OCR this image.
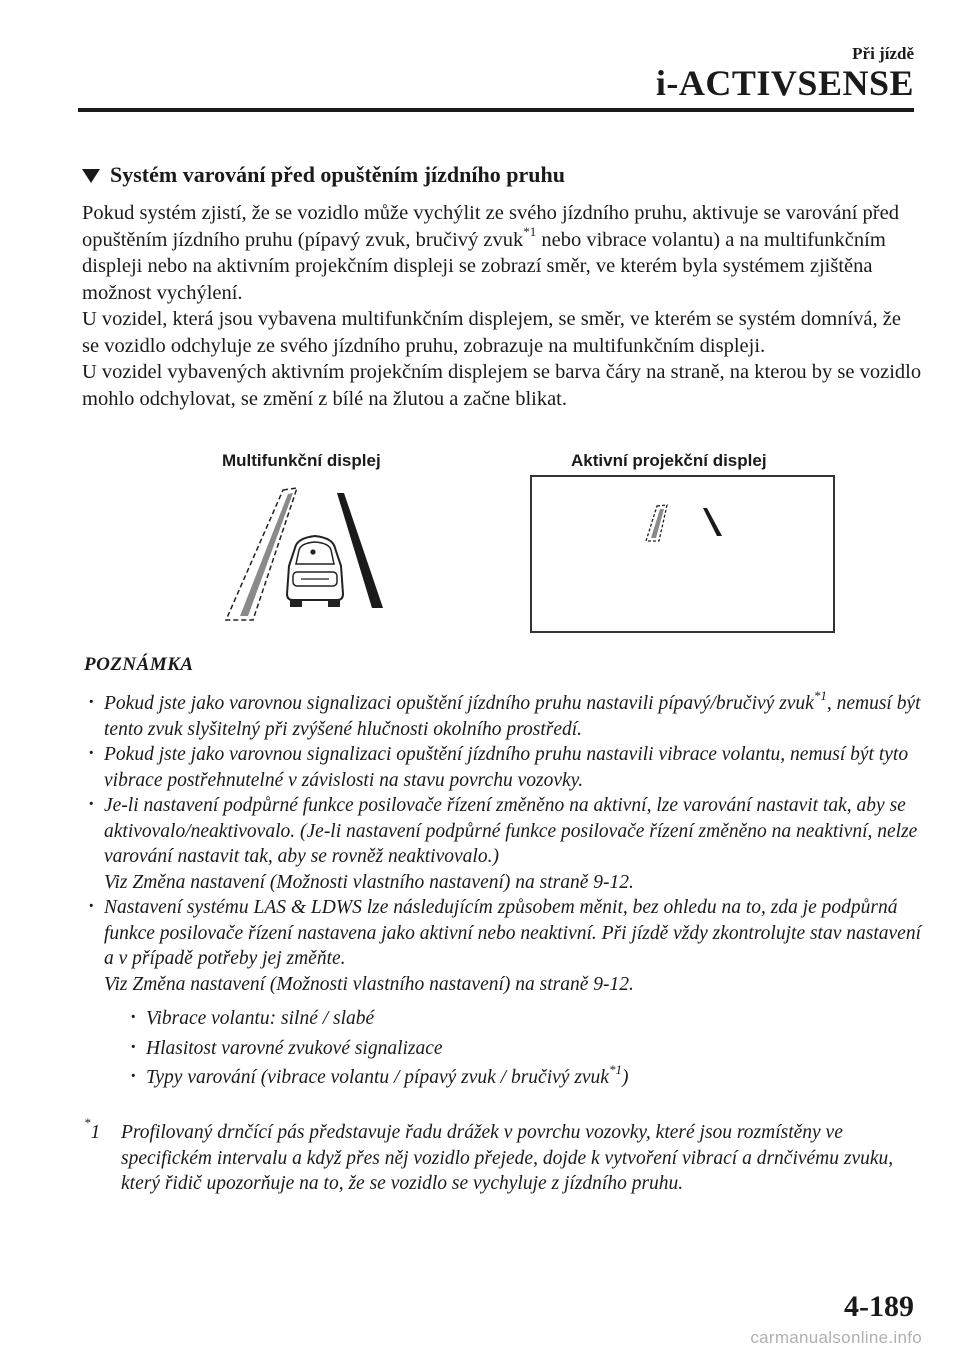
Při jízdě
i-ACTIVSENSE
Systém varování před opuštěním jízdního pruhu

Pokud systém zjistí, že se vozidlo může vychýlit ze svého jízdního pruhu, aktivuje se varování před opuštěním jízdního pruhu (pípavý zvuk, bručivý zvuk$^{*1}$ nebo vibrace volantu) a na multifunkčním displeji nebo na aktivním projekčním displeji se zobrazí směr, ve kterém byla systémem zjištěna možnost vychýlení.

U vozidel, která jsou vybavena multifunkčním displejem, se směr, ve kterém se systém domnívá, že se vozidlo odchyluje ze svého jízdního pruhu, zobrazuje na multifunkčním displeji.

U vozidel vybavených aktivním projekčním displejem se barva čáry na straně, na kterou by se vozidlo mohlo odchylovat, se změní z bílé na žlutou a začne blikat.

Multifunkční displej	Aktivní projekční displej
POZNÁMKA
· Pokud jste jako varovnou signalizaci opuštění jízdního pruhu nastavili pípavý/bručivý zvuk$^{*1}$, nemusí být tento zvuk slyšitelný při zvýšené hlučnosti okolního prostředí.
· Pokud jste jako varovnou signalizaci opuštění jízdního pruhu nastavili vibrace volantu, nemusí být tyto vibrace postřehnutelné v závislosti na stavu povrchu vozovky.
· Je-li nastavení podpůrné funkce posilovače řízení změněno na aktivní, lze varování nastavit tak, aby se aktivovalo/neaktivovalo. (Je-li nastavení podpůrné funkce posilovače řízení změněno na neaktivní, nelze varování nastavit tak, aby se rovněž neaktivovalo.)
Viz Změna nastavení (Možnosti vlastního nastavení) na straně 9-12.
· Nastavení systému LAS & LDWS lze následujícím způsobem měnit, bez ohledu na to, zda je podpůrná funkce posilovače řízení nastavena jako aktivní nebo neaktivní. Při jízdě vždy zkontrolujte stav nastavení a v případě potřeby jej změňte.
Viz Změna nastavení (Možnosti vlastního nastavení) na straně 9-12.
· Vibrace volantu: silné / slabé
· Hlasitost varovné zvukové signalizace
· Typy varování (vibrace volantu / pípavý zvuk / bručivý zvuk$^{*1}$)
*1	Profilovaný drnčící pás představuje řadu drážek v povrchu vozovky, které jsou rozmístěny ve specifickém intervalu a když přes něj vozidlo přejede, dojde k vytvoření vibrací a drnčivému zvuku, který řidič upozorňuje na to, že se vozidlo se vychyluje z jízdního pruhu.
4-189
carmanualsonline.info
